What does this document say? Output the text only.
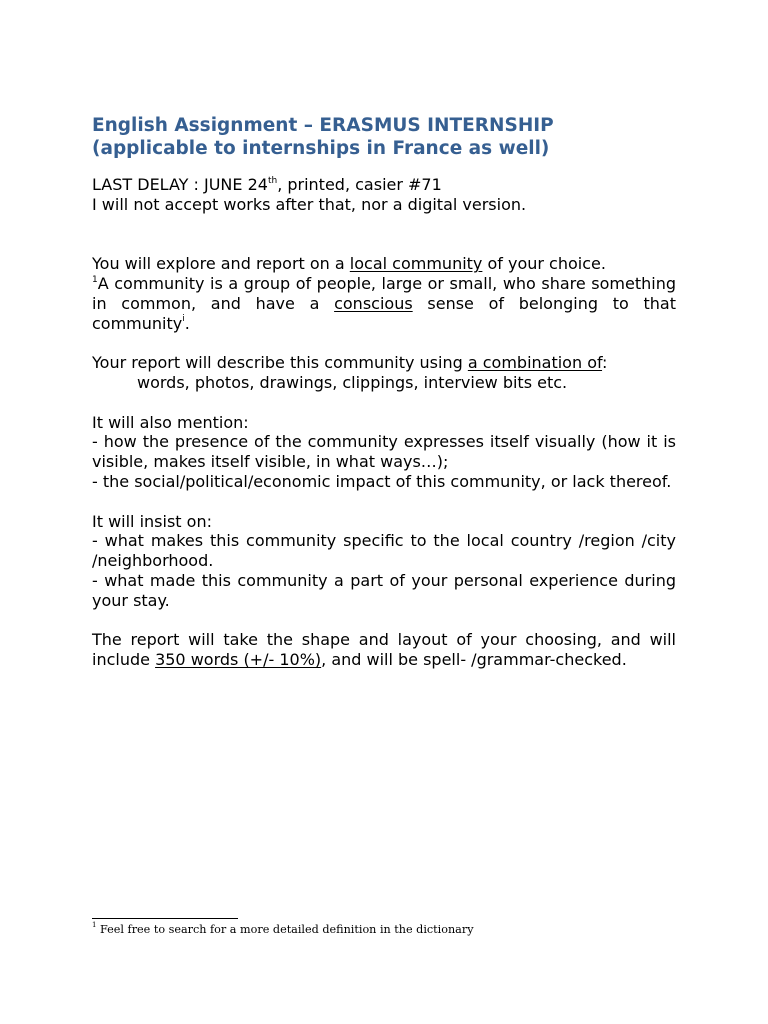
English Assignment – ERASMUS INTERNSHIP
(applicable to internships in France as well)
LAST DELAY : JUNE 24th, printed, casier #71
I will not accept works after that, nor a digital version.
You will explore and report on a local community of your choice.
$^1$A community is a group of people, large or small, who share something in common, and have a conscious sense of belonging to that community$^i$.
Your report will describe this community using a combination of:
words, photos, drawings, clippings, interview bits etc.
It will also mention:
- how the presence of the community expresses itself visually (how it is visible, makes itself visible, in what ways…);
- the social/political/economic impact of this community, or lack thereof.
It will insist on:
- what makes this community specific to the local country /region /city /neighborhood.
- what made this community a part of your personal experience during your stay.
The report will take the shape and layout of your choosing, and will include 350 words (+/- 10%), and will be spell- /grammar-checked.
$^1$ Feel free to search for a more detailed definition in the dictionary
